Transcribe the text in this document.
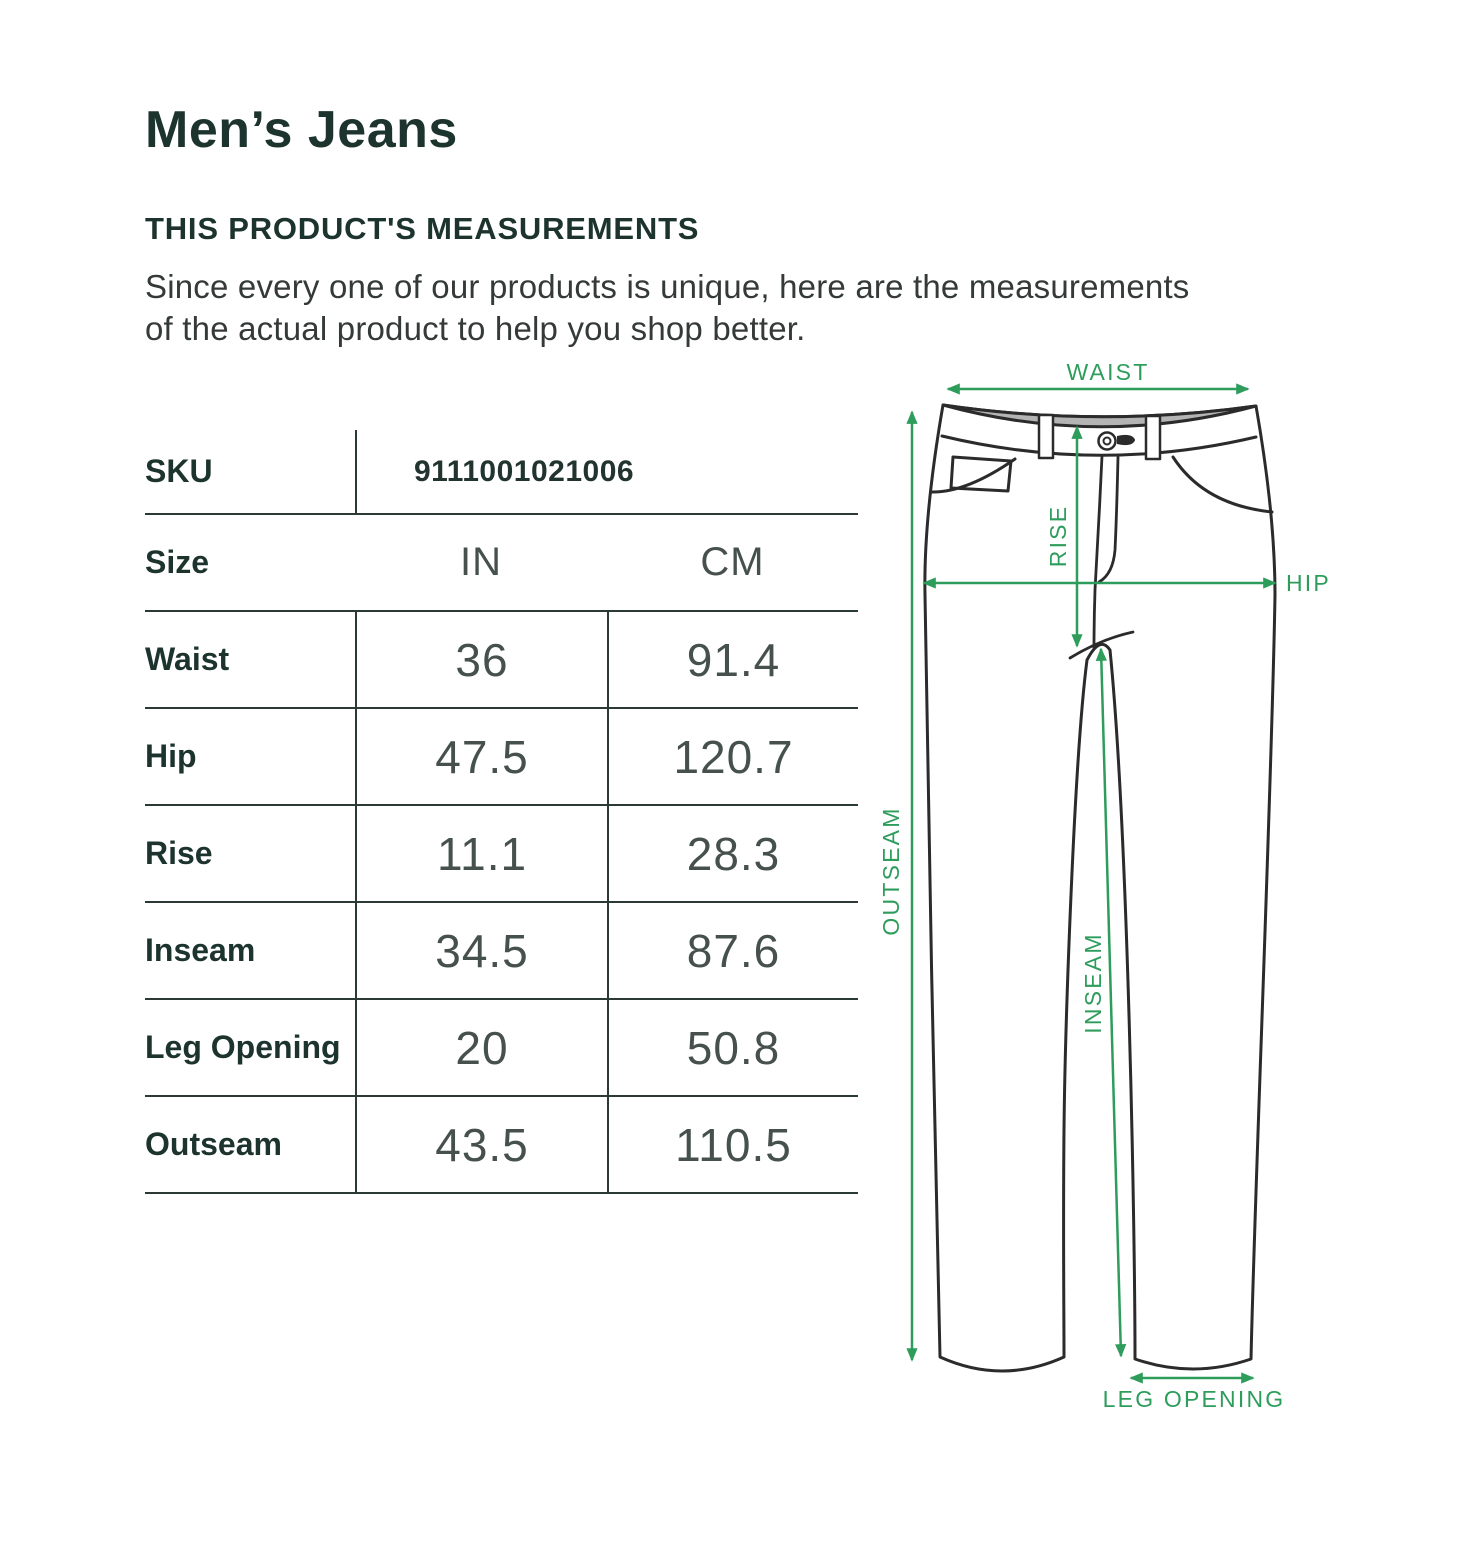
Men’s Jeans
THIS PRODUCT'S MEASUREMENTS
Since every one of our products is unique, here are the measurements
of the actual product to help you shop better.
SKU	9111001021006
Size	IN	CM
Waist	36	91.4
Hip	47.5	120.7
Rise	11.1	28.3
Inseam	34.5	87.6
Leg Opening	20	50.8
Outseam	43.5	110.5
WAIST
HIP
RISE
OUTSEAM
INSEAM
LEG OPENING
